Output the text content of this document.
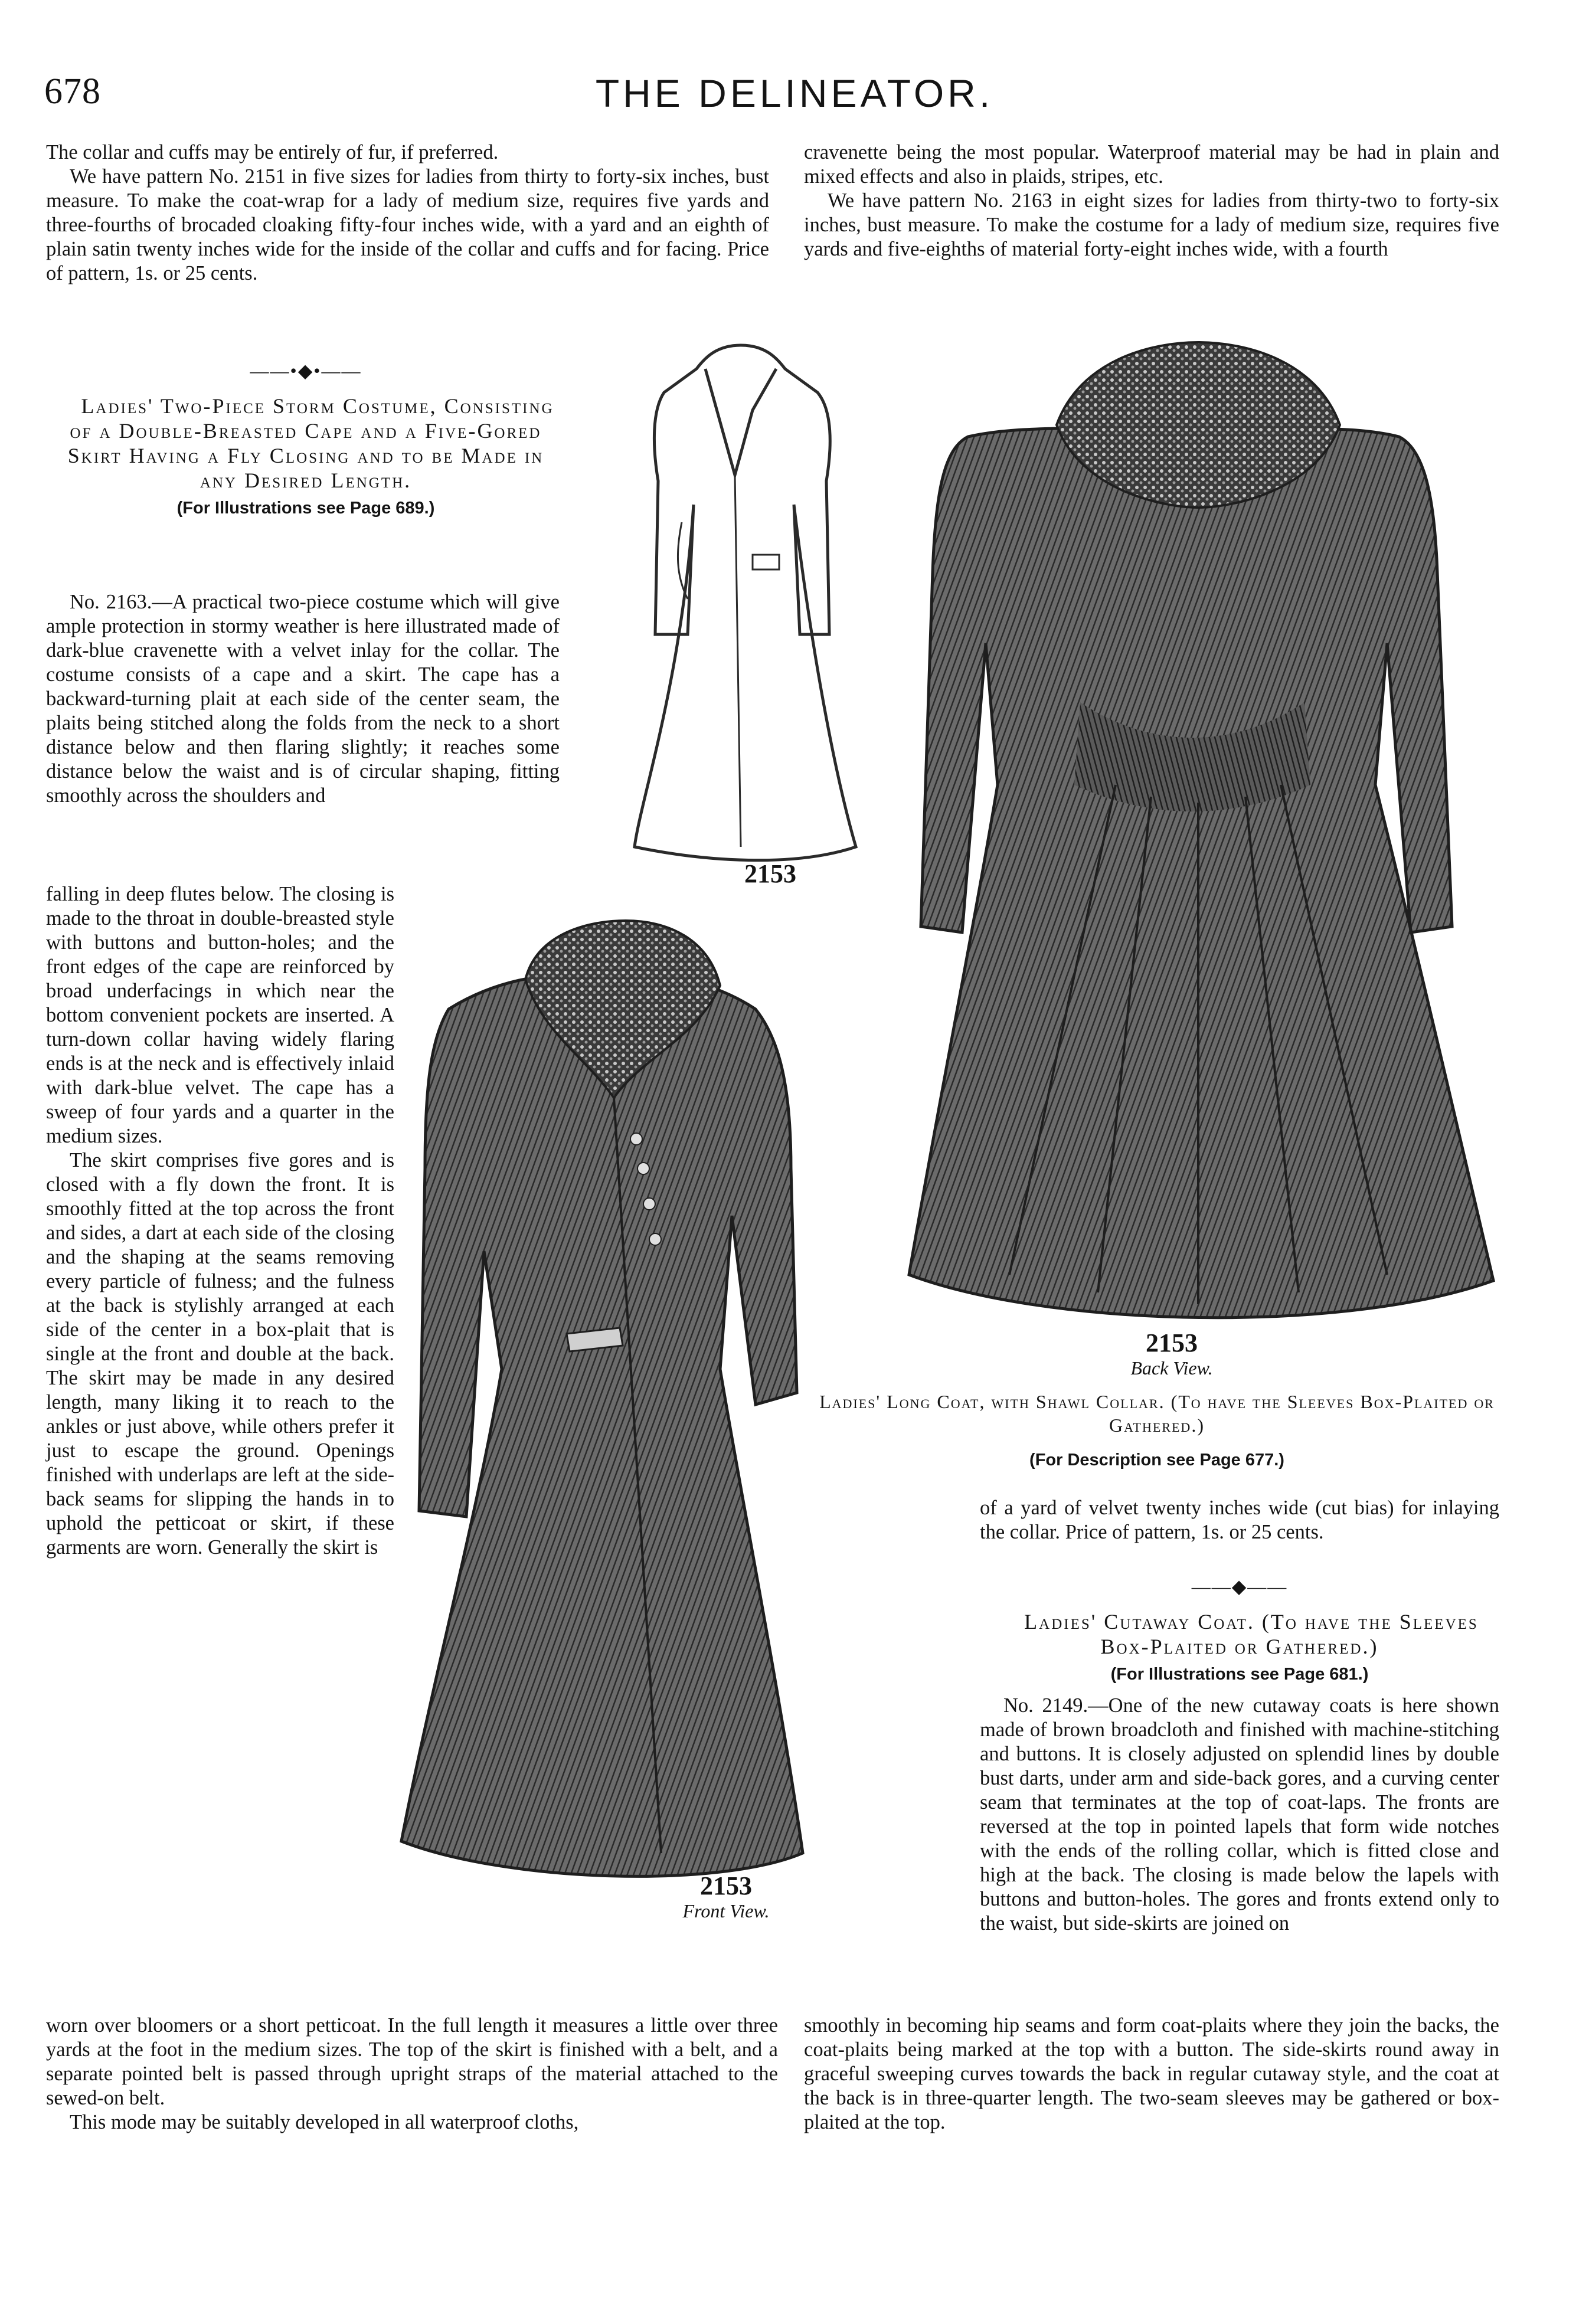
678	THE DELINEATOR.

The collar and cuffs may be entirely of fur, if preferred.

We have pattern No. 2151 in five sizes for ladies from thirty to forty-six inches, bust measure. To make the coat-wrap for a lady of medium size, requires five yards and three-fourths of brocaded cloaking fifty-four inches wide, with a yard and an eighth of plain satin twenty inches wide for the inside of the collar and cuffs and for facing. Price of pattern, 1s. or 25 cents.

——•◆•——

Ladies' Two-Piece Storm Costume, Consisting of a Double-Breasted Cape and a Five-Gored Skirt Having a Fly Closing and to be Made in any Desired Length.

(For Illustrations see Page 689.)

No. 2163.—A practical two-piece costume which will give ample protection in stormy weather is here illustrated made of dark-blue cravenette with a velvet inlay for the collar. The costume consists of a cape and a skirt. The cape has a backward-turning plait at each side of the center seam, the plaits being stitched along the folds from the neck to a short distance below and then flaring slightly; it reaches some distance below the waist and is of circular shaping, fitting smoothly across the shoulders and

falling in deep flutes below. The closing is made to the throat in double-breasted style with buttons and button-holes; and the front edges of the cape are reinforced by broad underfacings in which near the bottom convenient pockets are inserted. A turn-down collar having widely flaring ends is at the neck and is effectively inlaid with dark-blue velvet. The cape has a sweep of four yards and a quarter in the medium sizes.

The skirt comprises five gores and is closed with a fly down the front. It is smoothly fitted at the top across the front and sides, a dart at each side of the closing and the shaping at the seams removing every particle of fulness; and the fulness at the back is stylishly arranged at each side of the center in a box-plait that is single at the front and double at the back. The skirt may be made in any desired length, many liking it to reach to the ankles or just above, while others prefer it just to escape the ground. Openings finished with underlaps are left at the side-back seams for slipping the hands in to uphold the petticoat or skirt, if these garments are worn. Generally the skirt is

worn over bloomers or a short petticoat. In the full length it measures a little over three yards at the foot in the medium sizes. The top of the skirt is finished with a belt, and a separate pointed belt is passed through upright straps of the material attached to the sewed-on belt.

This mode may be suitably developed in all waterproof cloths,

cravenette being the most popular. Waterproof material may be had in plain and mixed effects and also in plaids, stripes, etc.

We have pattern No. 2163 in eight sizes for ladies from thirty-two to forty-six inches, bust measure. To make the costume for a lady of medium size, requires five yards and five-eighths of material forty-eight inches wide, with a fourth

2153
2153
Back View.
Ladies' Long Coat, with Shawl Collar. (To have the Sleeves Box-Plaited or Gathered.)
(For Description see Page 677.)
2153
Front View.

of a yard of velvet twenty inches wide (cut bias) for inlaying the collar. Price of pattern, 1s. or 25 cents.

——◆——

Ladies' Cutaway Coat. (To have the Sleeves Box-Plaited or Gathered.)

(For Illustrations see Page 681.)

No. 2149.—One of the new cutaway coats is here shown made of brown broadcloth and finished with machine-stitching and buttons. It is closely adjusted on splendid lines by double bust darts, under arm and side-back gores, and a curving center seam that terminates at the top of coat-laps. The fronts are reversed at the top in pointed lapels that form wide notches with the ends of the rolling collar, which is fitted close and high at the back. The closing is made below the lapels with buttons and button-holes. The gores and fronts extend only to the waist, but side-skirts are joined on

smoothly in becoming hip seams and form coat-plaits where they join the backs, the coat-plaits being marked at the top with a button. The side-skirts round away in graceful sweeping curves towards the back in regular cutaway style, and the coat at the back is in three-quarter length. The two-seam sleeves may be gathered or box-plaited at the top.
